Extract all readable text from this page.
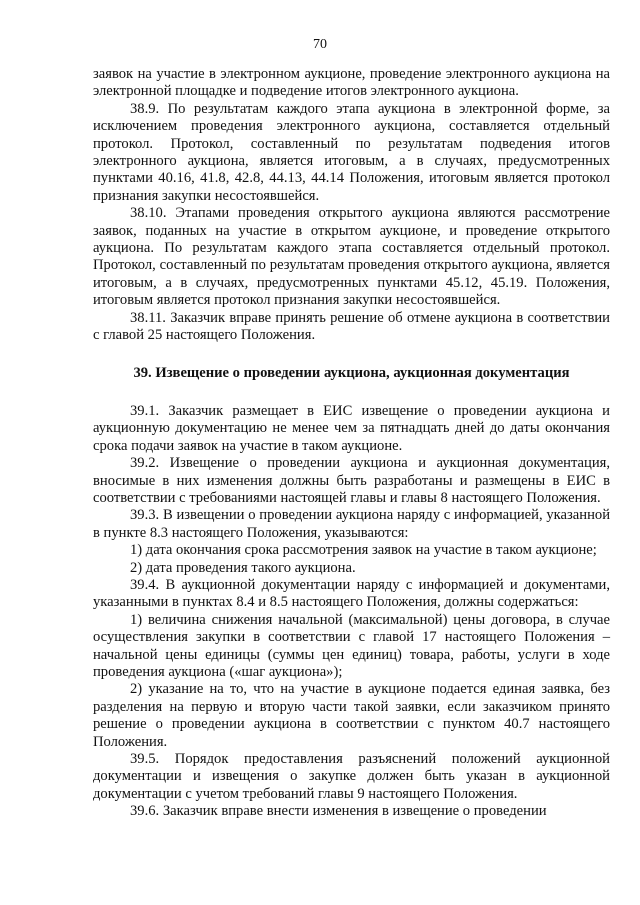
70

заявок на участие в электронном аукционе, проведение электронного аукциона на электронной площадке и подведение итогов электронного аукциона.

38.9. По результатам каждого этапа аукциона в электронной форме, за исключением проведения электронного аукциона, составляется отдельный протокол. Протокол, составленный по результатам подведения итогов электронного аукциона, является итоговым, а в случаях, предусмотренных пунктами 40.16, 41.8, 42.8, 44.13, 44.14 Положения, итоговым является протокол признания закупки несостоявшейся.

38.10. Этапами проведения открытого аукциона являются рассмотрение заявок, поданных на участие в открытом аукционе, и проведение открытого аукциона. По результатам каждого этапа составляется отдельный протокол. Протокол, составленный по результатам проведения открытого аукциона, является итоговым, а в случаях, предусмотренных пунктами 45.12, 45.19. Положения, итоговым является протокол признания закупки несостоявшейся.

38.11. Заказчик вправе принять решение об отмене аукциона в соответствии с главой 25 настоящего Положения.

39. Извещение о проведении аукциона, аукционная документация

39.1. Заказчик размещает в ЕИС извещение о проведении аукциона и аукционную документацию не менее чем за пятнадцать дней до даты окончания срока подачи заявок на участие в таком аукционе.

39.2. Извещение о проведении аукциона и аукционная документация, вносимые в них изменения должны быть разработаны и размещены в ЕИС в соответствии с требованиями настоящей главы и главы 8 настоящего Положения.

39.3. В извещении о проведении аукциона наряду с информацией, указанной в пункте 8.3 настоящего Положения, указываются:

1) дата окончания срока рассмотрения заявок на участие в таком аукционе;

2) дата проведения такого аукциона.

39.4. В аукционной документации наряду с информацией и документами, указанными в пунктах 8.4 и 8.5 настоящего Положения, должны содержаться:

1) величина снижения начальной (максимальной) цены договора, в случае осуществления закупки в соответствии с главой 17 настоящего Положения – начальной цены единицы (суммы цен единиц) товара, работы, услуги в ходе проведения аукциона («шаг аукциона»);

2) указание на то, что на участие в аукционе подается единая заявка, без разделения на первую и вторую части такой заявки, если заказчиком принято решение о проведении аукциона в соответствии с пунктом 40.7 настоящего Положения.

39.5. Порядок предоставления разъяснений положений аукционной документации и извещения о закупке должен быть указан в аукционной документации с учетом требований главы 9 настоящего Положения.

39.6. Заказчик вправе внести изменения в извещение о проведении
